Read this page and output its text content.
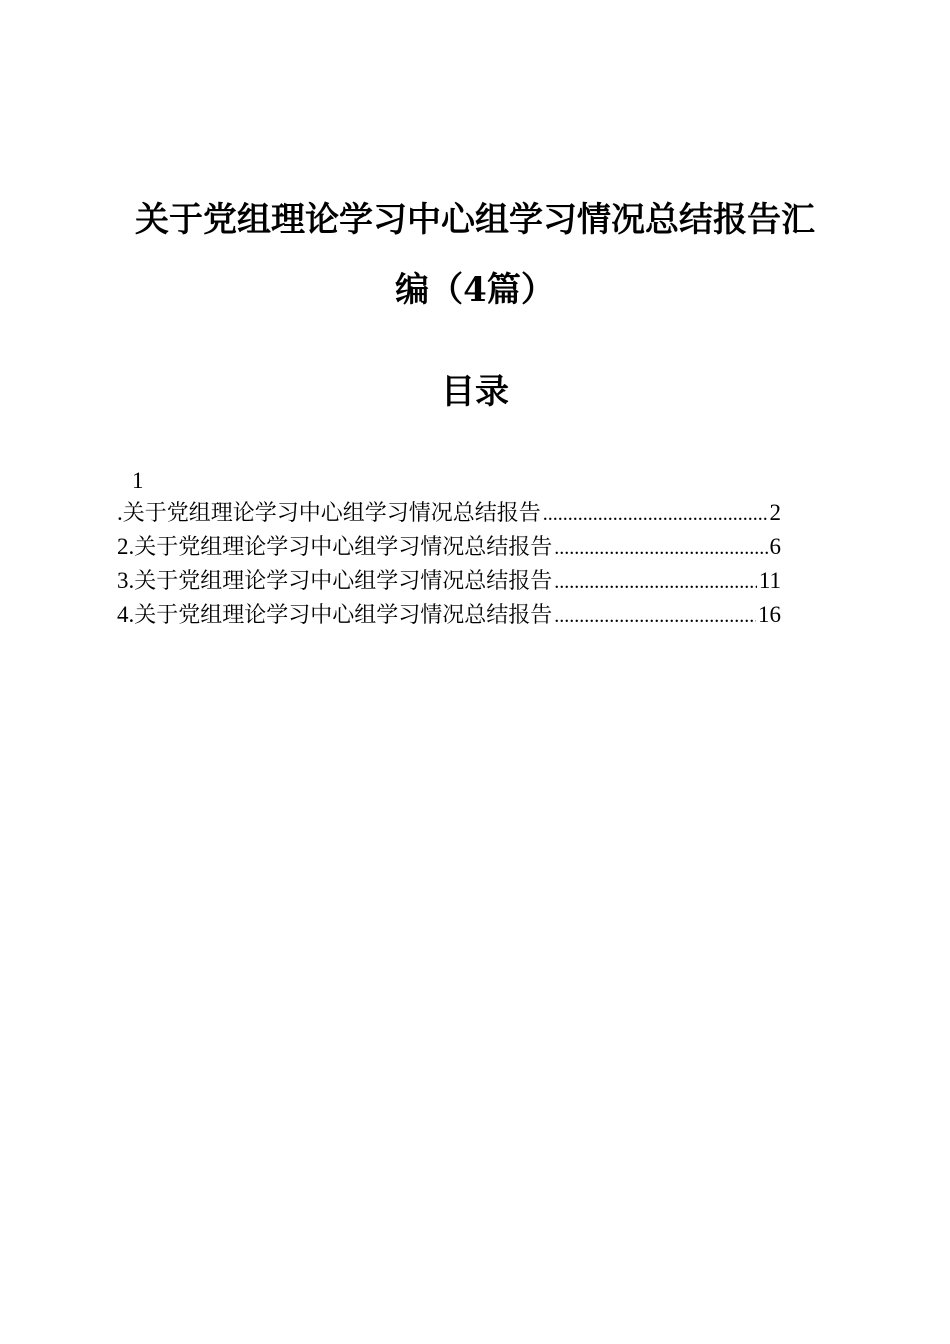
关于党组理论学习中心组学习情况总结报告汇
编（4篇）
目录
1
. 关于党组理论学习中心组学习情况总结报告 .....	2
2. 关于党组理论学习中心组学习情况总结报告 .....	6
3. 关于党组理论学习中心组学习情况总结报告 .....	11
4. 关于党组理论学习中心组学习情况总结报告 .....	16
